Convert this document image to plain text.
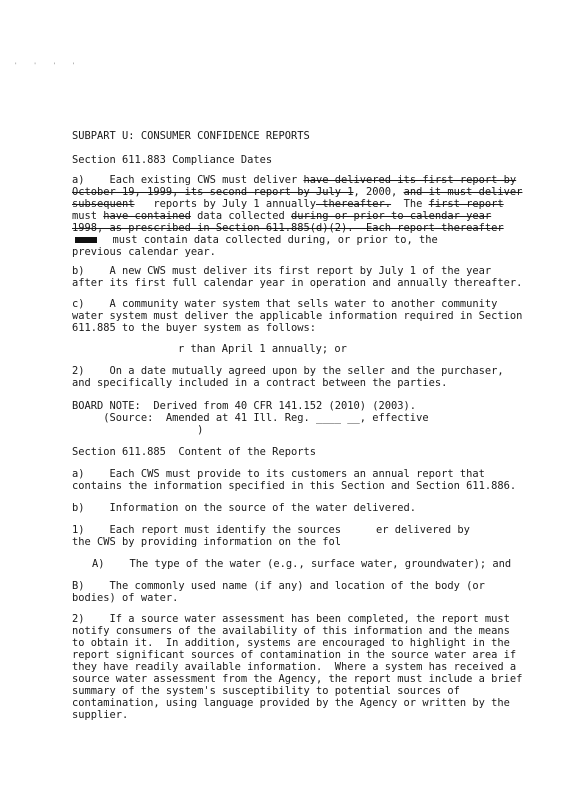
' ' ' '
SUBPART U: CONSUMER CONFIDENCE REPORTS
Section 611.883 Compliance Dates
a)    Each existing CWS must deliver have delivered its first report by
October 19, 1999, its second report by July 1, 2000, and it must deliver
subsequent   reports by July 1 annually thereafter.  The first report
must have contained data collected during or prior to calendar year
1998, as prescribed in Section 611.885(d)(2).  Each report thereafter
must contain data collected during, or prior to, the
previous calendar year.
b)    A new CWS must deliver its first report by July 1 of the year
after its first full calendar year in operation and annually thereafter.
c)    A community water system that sells water to another community
water system must deliver the applicable information required in Section
611.885 to the buyer system as follows:
r than April 1 annually; or
2)    On a date mutually agreed upon by the seller and the purchaser,
and specifically included in a contract between the parties.
BOARD NOTE:  Derived from 40 CFR 141.152 (2010) (2003).
(Source:  Amended at 41 Ill. Reg. ____ __, effective
)
Section 611.885  Content of the Reports
a)    Each CWS must provide to its customers an annual report that
contains the information specified in this Section and Section 611.886.
b)    Information on the source of the water delivered.
1)    Each report must identify the sources	er delivered by
the CWS by providing information on the fol
A)    The type of the water (e.g., surface water, groundwater); and
B)    The commonly used name (if any) and location of the body (or
bodies) of water.
2)    If a source water assessment has been completed, the report must
notify consumers of the availability of this information and the means
to obtain it.  In addition, systems are encouraged to highlight in the
report significant sources of contamination in the source water area if
they have readily available information.  Where a system has received a
source water assessment from the Agency, the report must include a brief
summary of the system's susceptibility to potential sources of
contamination, using language provided by the Agency or written by the
supplier.
